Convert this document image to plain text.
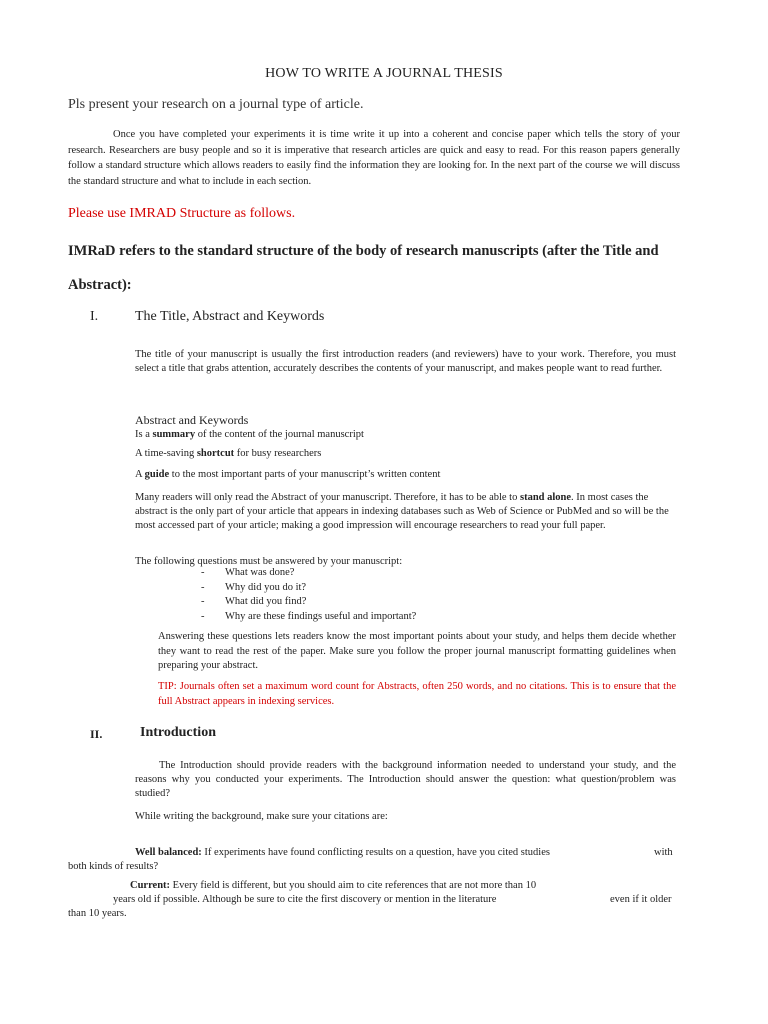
HOW TO WRITE A JOURNAL THESIS
Pls present your research on a journal type of article.
Once you have completed your experiments it is time write it up into a coherent and concise paper which tells the story of your research. Researchers are busy people and so it is imperative that research articles are quick and easy to read. For this reason papers generally follow a standard structure which allows readers to easily find the information they are looking for. In the next part of the course we will discuss the standard structure and what to include in each section.
Please use IMRAD Structure as follows.
IMRaD refers to the standard structure of the body of research manuscripts (after the Title and Abstract):
I.	The Title, Abstract and Keywords
The title of your manuscript is usually the first introduction readers (and reviewers) have to your work. Therefore, you must select a title that grabs attention, accurately describes the contents of your manuscript, and makes people want to read further.
Abstract and Keywords
Is a summary of the content of the journal manuscript
A time-saving shortcut for busy researchers
A guide to the most important parts of your manuscript’s written content
Many readers will only read the Abstract of your manuscript. Therefore, it has to be able to stand alone. In most cases the abstract is the only part of your article that appears in indexing databases such as Web of Science or PubMed and so will be the most accessed part of your article; making a good impression will encourage researchers to read your full paper.
The following questions must be answered by your manuscript:
- What was done?
- Why did you do it?
- What did you find?
- Why are these findings useful and important?
Answering these questions lets readers know the most important points about your study, and helps them decide whether they want to read the rest of the paper. Make sure you follow the proper journal manuscript formatting guidelines when preparing your abstract.
TIP: Journals often set a maximum word count for Abstracts, often 250 words, and no citations. This is to ensure that the full Abstract appears in indexing services.
II.	Introduction
The Introduction should provide readers with the background information needed to understand your study, and the reasons why you conducted your experiments. The Introduction should answer the question: what question/problem was studied?
While writing the background, make sure your citations are:
Well balanced: If experiments have found conflicting results on a question, have you cited studies	with
both kinds of results?
Current: Every field is different, but you should aim to cite references that are not more than 10
years old if possible. Although be sure to cite the first discovery or mention in the literature	even if it older
than 10 years.
